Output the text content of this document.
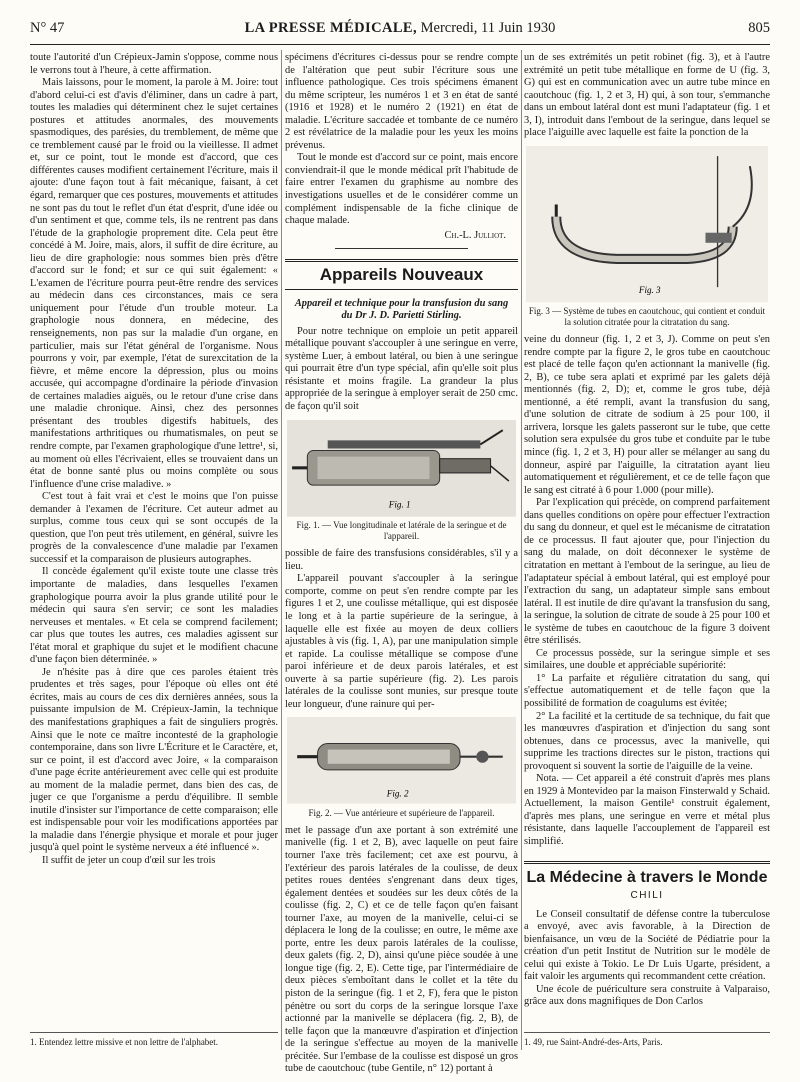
N° 47	LA PRESSE MÉDICALE, Mercredi, 11 Juin 1930	805

toute l'autorité d'un Crépieux-Jamin s'oppose, comme nous le verrons tout à l'heure, à cette affirmation.

Mais laissons, pour le moment, la parole à M. Joire: tout d'abord celui-ci est d'avis d'éliminer, dans un cadre à part, toutes les maladies qui déterminent chez le sujet certaines postures et attitudes anormales, des mouvements spasmodiques, des parésies, du tremblement, de même que ce tremblement causé par le froid ou la vieillesse. Il admet et, sur ce point, tout le monde est d'accord, que ces différentes causes modifient certainement l'écriture, mais il ajoute: d'une façon tout à fait mécanique, faisant, à cet égard, remarquer que ces postures, mouvements et attitudes ne sont pas du tout le reflet d'un état d'esprit, d'une idée ou d'un sentiment et que, comme tels, ils ne rentrent pas dans l'étude de la graphologie proprement dite. Cela peut être concédé à M. Joire, mais, alors, il suffit de dire écriture, au lieu de dire graphologie: nous sommes bien près d'être d'accord sur le fond; et sur ce qui suit également: « L'examen de l'écriture pourra peut-être rendre des services au médecin dans ces circonstances, mais ce sera uniquement pour l'étude d'un trouble moteur. La graphologie nous donnera, en médecine, des renseignements, non pas sur la maladie d'un organe, en particulier, mais sur l'état général de l'organisme. Nous pourrons y voir, par exemple, l'état de surexcitation de la fièvre, et même encore la dépression, plus ou moins accusée, qui accompagne d'ordinaire la période d'invasion de certaines maladies aiguës, ou le retour d'une crise dans une maladie chronique. Ainsi, chez des personnes présentant des troubles digestifs habituels, des manifestations arthritiques ou rhumatismales, on peut se rendre compte, par l'examen graphologique d'une lettre¹, si, au moment où elles l'écrivaient, elles se trouvaient dans un état de bonne santé plus ou moins complète ou sous l'influence d'une crise maladive. »

C'est tout à fait vrai et c'est le moins que l'on puisse demander à l'examen de l'écriture. Cet auteur admet au surplus, comme tous ceux qui se sont occupés de la question, que l'on peut très utilement, en général, suivre les progrès de la convalescence d'une maladie par l'examen successif et la comparaison de plusieurs autographes.

Il concède également qu'il existe toute une classe très importante de maladies, dans lesquelles l'examen graphologique pourra avoir la plus grande utilité pour le médecin qui saura s'en servir; ce sont les maladies nerveuses et mentales. « Et cela se comprend facilement; car plus que toutes les autres, ces maladies agissent sur l'état moral et graphique du sujet et le modifient chacune d'une façon bien déterminée. »

Je n'hésite pas à dire que ces paroles étaient très prudentes et très sages, pour l'époque où elles ont été écrites, mais au cours de ces dix dernières années, sous la puissante impulsion de M. Crépieux-Jamin, la technique des manifestations graphiques a fait de singuliers progrès. Ainsi que le note ce maître incontesté de la graphologie contemporaine, dans son livre L'Écriture et le Caractère, et, sur ce point, il est d'accord avec Joire, « la comparaison d'une page écrite antérieurement avec celle qui est produite au moment de la maladie permet, dans bien des cas, de juger ce que l'organisme a perdu d'équilibre. Il semble inutile d'insister sur l'importance de cette comparaison; elle est indispensable pour voir les modifications apportées par la maladie dans l'énergie physique et morale et pour juger jusqu'à quel point le système nerveux a été influencé ».

Il suffit de jeter un coup d'œil sur les trois

1. Entendez lettre missive et non lettre de l'alphabet.

spécimens d'écritures ci-dessus pour se rendre compte de l'altération que peut subir l'écriture sous une influence pathologique. Ces trois spécimens émanent du même scripteur, les numéros 1 et 3 en état de santé (1916 et 1928) et le numéro 2 (1921) en état de maladie. L'écriture saccadée et tombante de ce numéro 2 est révélatrice de la maladie pour les yeux les moins prévenus.

Tout le monde est d'accord sur ce point, mais encore conviendrait-il que le monde médical prît l'habitude de faire entrer l'examen du graphisme au nombre des investigations usuelles et de le considérer comme un complément indispensable de la fiche clinique de chaque malade.

Ch.-L. Julliot.
Appareils Nouveaux
Appareil et technique pour la transfusion du sang du Dr J. D. Parietti Stirling.

Pour notre technique on emploie un petit appareil métallique pouvant s'accoupler à une seringue en verre, système Luer, à embout latéral, ou bien à une seringue qui pourrait être d'un type spécial, afin qu'elle soit plus résistante et moins fragile. La grandeur la plus appropriée de la seringue à employer serait de 250 cmc. de façon qu'il soit

Fig. 1
Fig. 1. — Vue longitudinale et latérale de la seringue et de l'appareil.

possible de faire des transfusions considérables, s'il y a lieu.

L'appareil pouvant s'accoupler à la seringue comporte, comme on peut s'en rendre compte par les figures 1 et 2, une coulisse métallique, qui est disposée le long et à la partie supérieure de la seringue, à laquelle elle est fixée au moyen de deux colliers ajustables à vis (fig. 1, A), par une manipulation simple et rapide. La coulisse métallique se compose d'une paroi inférieure et de deux parois latérales, et est ouverte à sa partie supérieure (fig. 2). Les parois latérales de la coulisse sont munies, sur presque toute leur longueur, d'une rainure qui per-

Fig. 2
Fig. 2. — Vue antérieure et supérieure de l'appareil.

met le passage d'un axe portant à son extrémité une manivelle (fig. 1 et 2, B), avec laquelle on peut faire tourner l'axe très facilement; cet axe est pourvu, à l'extérieur des parois latérales de la coulisse, de deux petites roues dentées s'engrenant dans deux tiges, également dentées et soudées sur les deux côtés de la coulisse (fig. 2, C) et ce de telle façon qu'en faisant tourner l'axe, au moyen de la manivelle, celui-ci se déplacera le long de la coulisse; en outre, le même axe porte, entre les deux parois latérales de la coulisse, deux galets (fig. 2, D), ainsi qu'une pièce soudée à une longue tige (fig. 2, E). Cette tige, par l'intermédiaire de deux pièces s'emboîtant dans le collet et la tête du piston de la seringue (fig. 1 et 2, F), fera que le piston pénètre ou sort du corps de la seringue lorsque l'axe actionné par la manivelle se déplacera (fig. 2, B), de telle façon que la manœuvre d'aspiration et d'injection de la seringue s'effectue au moyen de la manivelle précitée. Sur l'embase de la coulisse est disposé un gros tube de caoutchouc (tube Gentile, n° 12) portant à

un de ses extrémités un petit robinet (fig. 3), et à l'autre extrémité un petit tube métallique en forme de U (fig. 3, G) qui est en communication avec un autre tube mince en caoutchouc (fig. 1, 2 et 3, H) qui, à son tour, s'emmanche dans un embout latéral dont est muni l'adaptateur (fig. 1 et 3, I), introduit dans l'embout de la seringue, dans lequel se place l'aiguille avec laquelle est faite la ponction de la

Fig. 3
Fig. 3 — Système de tubes en caoutchouc, qui contient et conduit la solution citratée pour la citratation du sang.

veine du donneur (fig. 1, 2 et 3, J). Comme on peut s'en rendre compte par la figure 2, le gros tube en caoutchouc est placé de telle façon qu'en actionnant la manivelle (fig. 2, B), ce tube sera aplati et exprimé par les galets déjà mentionnés (fig. 2, D); et, comme le gros tube, déjà mentionné, a été rempli, avant la transfusion du sang, d'une solution de citrate de sodium à 25 pour 100, il arrivera, lorsque les galets passeront sur le tube, que cette solution sera expulsée du gros tube et conduite par le tube mince (fig. 1, 2 et 3, H) pour aller se mélanger au sang du donneur, aspiré par l'aiguille, la citratation ayant lieu automatiquement et régulièrement, et ce de telle façon que le sang est citraté à 6 pour 1.000 (pour mille).

Par l'explication qui précède, on comprend parfaitement dans quelles conditions on opère pour effectuer l'extraction du sang du donneur, et quel est le mécanisme de citratation de ce processus. Il faut ajouter que, pour l'injection du sang du malade, on doit déconnexer le système de citratation en mettant à l'embout de la seringue, au lieu de l'adaptateur spécial à embout latéral, qui est employé pour l'extraction du sang, un adaptateur simple sans embout latéral. Il est inutile de dire qu'avant la transfusion du sang, la seringue, la solution de citrate de soude à 25 pour 100 et le système de tubes en caoutchouc de la figure 3 doivent être stérilisés.

Ce processus possède, sur la seringue simple et ses similaires, une double et appréciable supériorité:

1° La parfaite et régulière citratation du sang, qui s'effectue automatiquement et de telle façon que la possibilité de formation de coagulums est évitée;

2° La facilité et la certitude de sa technique, du fait que les manœuvres d'aspiration et d'injection du sang sont obtenues, dans ce processus, avec la manivelle, qui supprime les tractions directes sur le piston, tractions qui provoquent si souvent la sortie de l'aiguille de la veine.

Nota. — Cet appareil a été construit d'après mes plans en 1929 à Montevideo par la maison Finsterwald y Schaid. Actuellement, la maison Gentile¹ construit également, d'après mes plans, une seringue en verre et métal plus résistante, dans laquelle l'accouplement de l'appareil est simplifié.

La Médecine à travers le Monde
CHILI

Le Conseil consultatif de défense contre la tuberculose a envoyé, avec avis favorable, à la Direction de bienfaisance, un vœu de la Société de Pédiatrie pour la création d'un petit Institut de Nutrition sur le modèle de celui qui existe à Tokio. Le Dr Luis Ugarte, président, a fait valoir les arguments qui recommandent cette création.

Une école de puériculture sera construite à Valparaiso, grâce aux dons magnifiques de Don Carlos

1. 49, rue Saint-André-des-Arts, Paris.
